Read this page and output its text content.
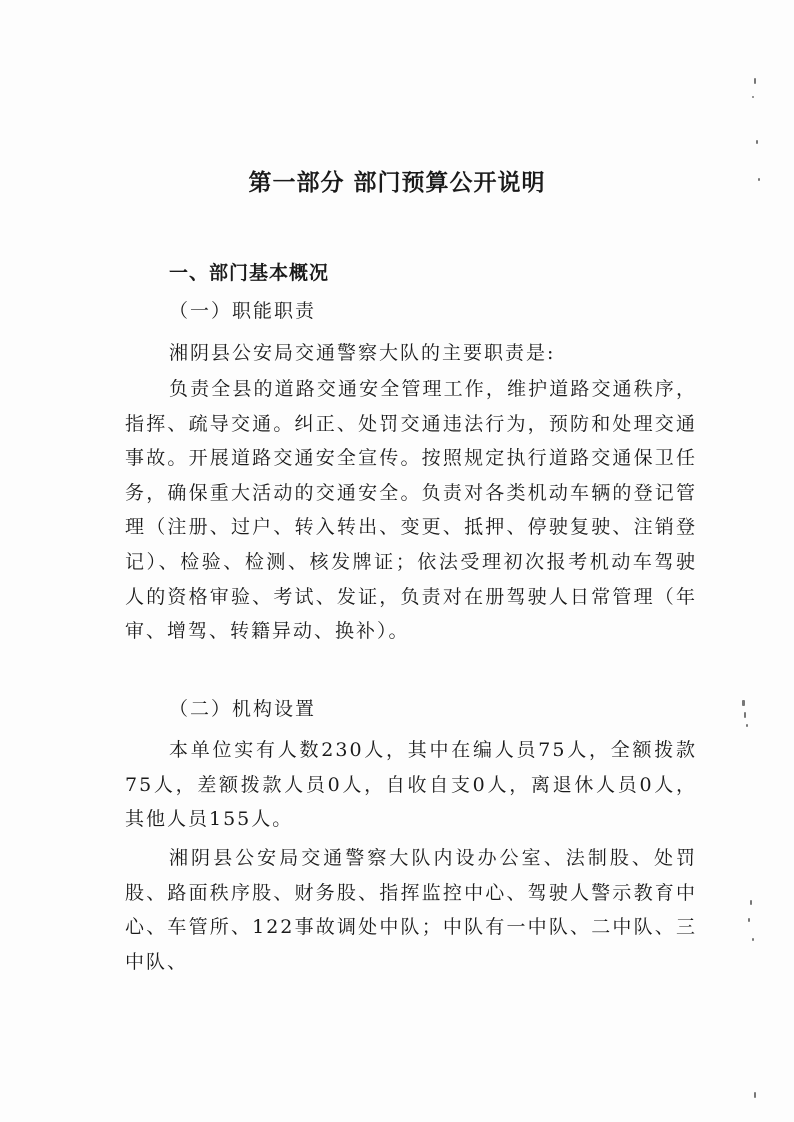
第一部分 部门预算公开说明
一、部门基本概况
（一）职能职责

湘阴县公安局交通警察大队的主要职责是:

负责全县的道路交通安全管理工作，维护道路交通秩序，指挥、疏导交通。纠正、处罚交通违法行为，预防和处理交通事故。开展道路交通安全宣传。按照规定执行道路交通保卫任务，确保重大活动的交通安全。负责对各类机动车辆的登记管理（注册、过户、转入转出、变更、抵押、停驶复驶、注销登记）、检验、检测、核发牌证；依法受理初次报考机动车驾驶人的资格审验、考试、发证，负责对在册驾驶人日常管理（年审、增驾、转籍异动、换补）。

（二）机构设置

本单位实有人数230人，其中在编人员75人，全额拨款75人，差额拨款人员0人，自收自支0人，离退休人员0人，其他人员155人。

湘阴县公安局交通警察大队内设办公室、法制股、处罚股、路面秩序股、财务股、指挥监控中心、驾驶人警示教育中心、车管所、122事故调处中队；中队有一中队、二中队、三中队、
